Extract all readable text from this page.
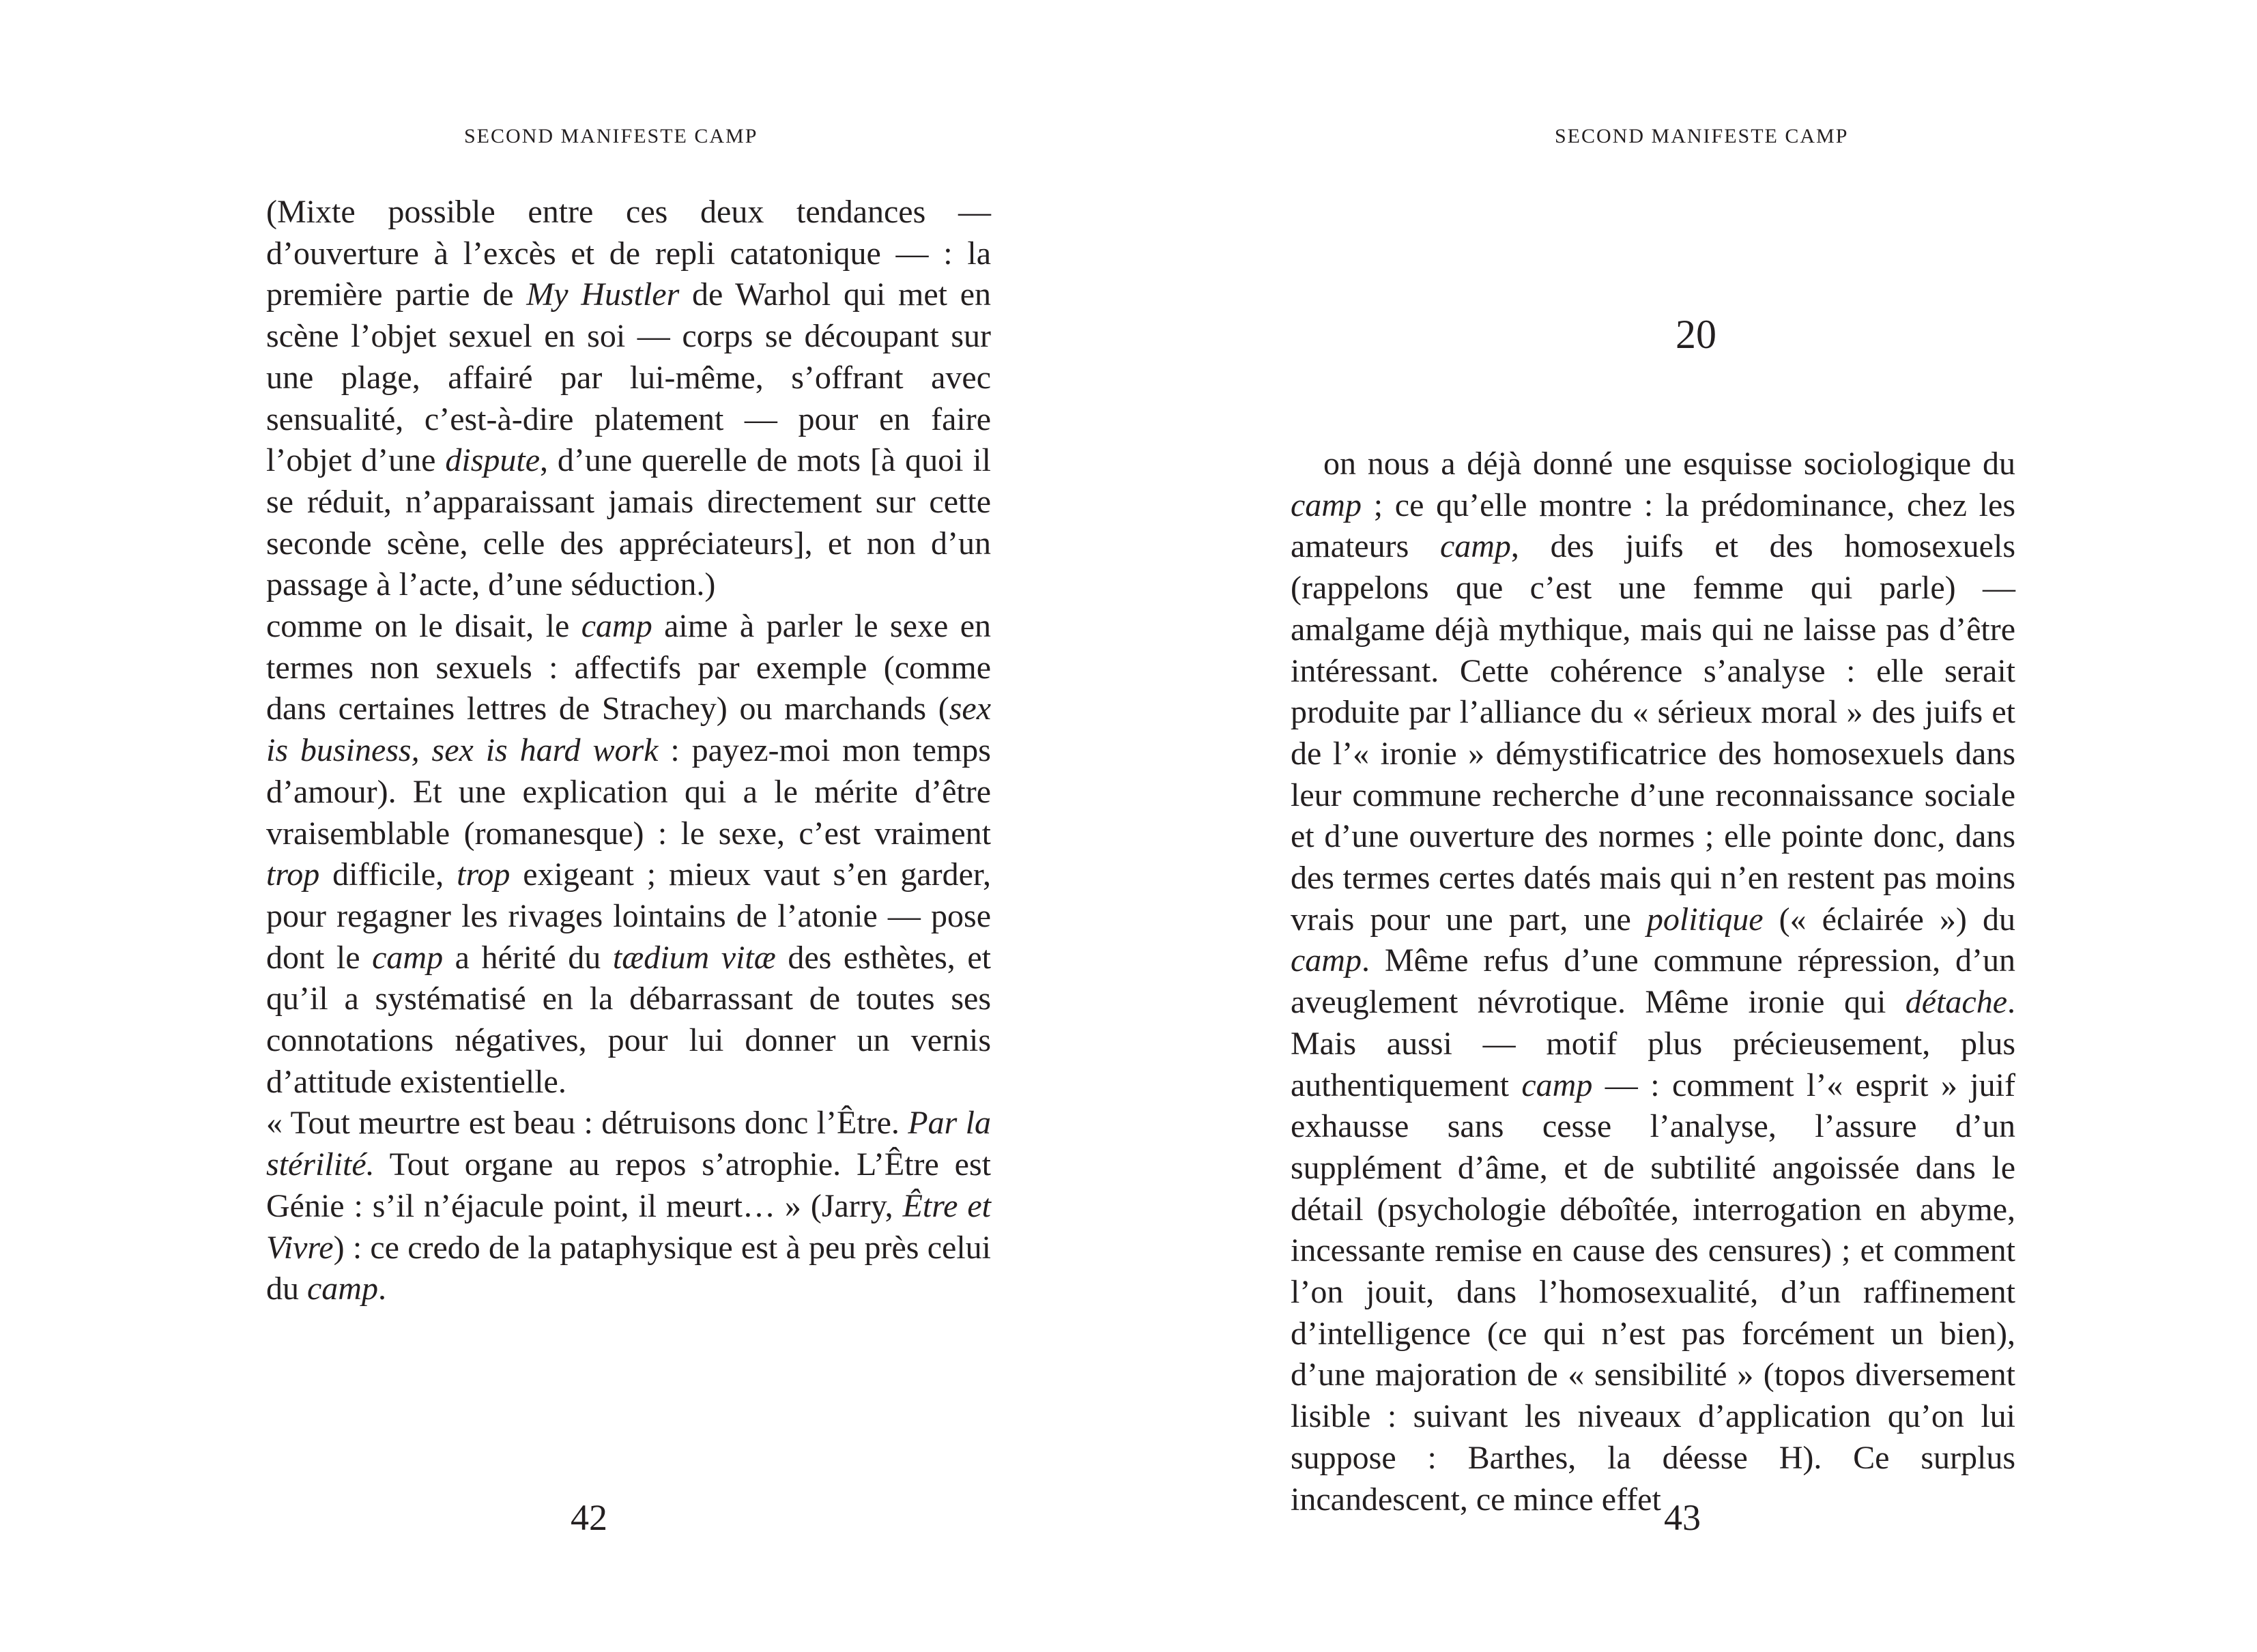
SECOND MANIFESTE CAMP

(Mixte possible entre ces deux tendances — d’ouverture à l’excès et de repli catatonique — : la première partie de My Hustler de Warhol qui met en scène l’objet sexuel en soi — corps se découpant sur une plage, affairé par lui-même, s’offrant avec sensualité, c’est-à-dire platement — pour en faire l’objet d’une dispute, d’une querelle de mots [à quoi il se réduit, n’apparaissant jamais directement sur cette seconde scène, celle des appréciateurs], et non d’un passage à l’acte, d’une séduction.)

comme on le disait, le camp aime à parler le sexe en termes non sexuels : affectifs par exemple (comme dans certaines lettres de Strachey) ou marchands (sex is business, sex is hard work : payez-moi mon temps d’amour). Et une explication qui a le mérite d’être vraisemblable (romanesque) : le sexe, c’est vraiment trop difficile, trop exigeant ; mieux vaut s’en garder, pour regagner les rivages lointains de l’atonie — pose dont le camp a hérité du tædium vitæ des esthètes, et qu’il a systématisé en la débarrassant de toutes ses connotations négatives, pour lui donner un vernis d’attitude existentielle.

« Tout meurtre est beau : détruisons donc l’Être. Par la stérilité. Tout organe au repos s’atrophie. L’Être est Génie : s’il n’éjacule point, il meurt… » (Jarry, Être et Vivre) : ce credo de la pataphysique est à peu près celui du camp.

42
SECOND MANIFESTE CAMP
20

on nous a déjà donné une esquisse sociologique du camp ; ce qu’elle montre : la prédominance, chez les amateurs camp, des juifs et des homosexuels (rappelons que c’est une femme qui parle) — amalgame déjà mythique, mais qui ne laisse pas d’être intéressant. Cette cohérence s’analyse : elle serait produite par l’alliance du « sérieux moral » des juifs et de l’« ironie » démystificatrice des homosexuels dans leur commune recherche d’une reconnaissance sociale et d’une ouverture des normes ; elle pointe donc, dans des termes certes datés mais qui n’en restent pas moins vrais pour une part, une politique (« éclairée ») du camp. Même refus d’une commune répression, d’un aveuglement névrotique. Même ironie qui détache. Mais aussi — motif plus précieusement, plus authentiquement camp — : comment l’« esprit » juif exhausse sans cesse l’analyse, l’assure d’un supplément d’âme, et de subtilité angoissée dans le détail (psychologie déboîtée, interrogation en abyme, incessante remise en cause des censures) ; et comment l’on jouit, dans l’homosexualité, d’un raffinement d’intelligence (ce qui n’est pas forcément un bien), d’une majoration de « sensibilité » (topos diversement lisible : suivant les niveaux d’application qu’on lui suppose : Barthes, la déesse H). Ce surplus incandescent, ce mince effet 43
